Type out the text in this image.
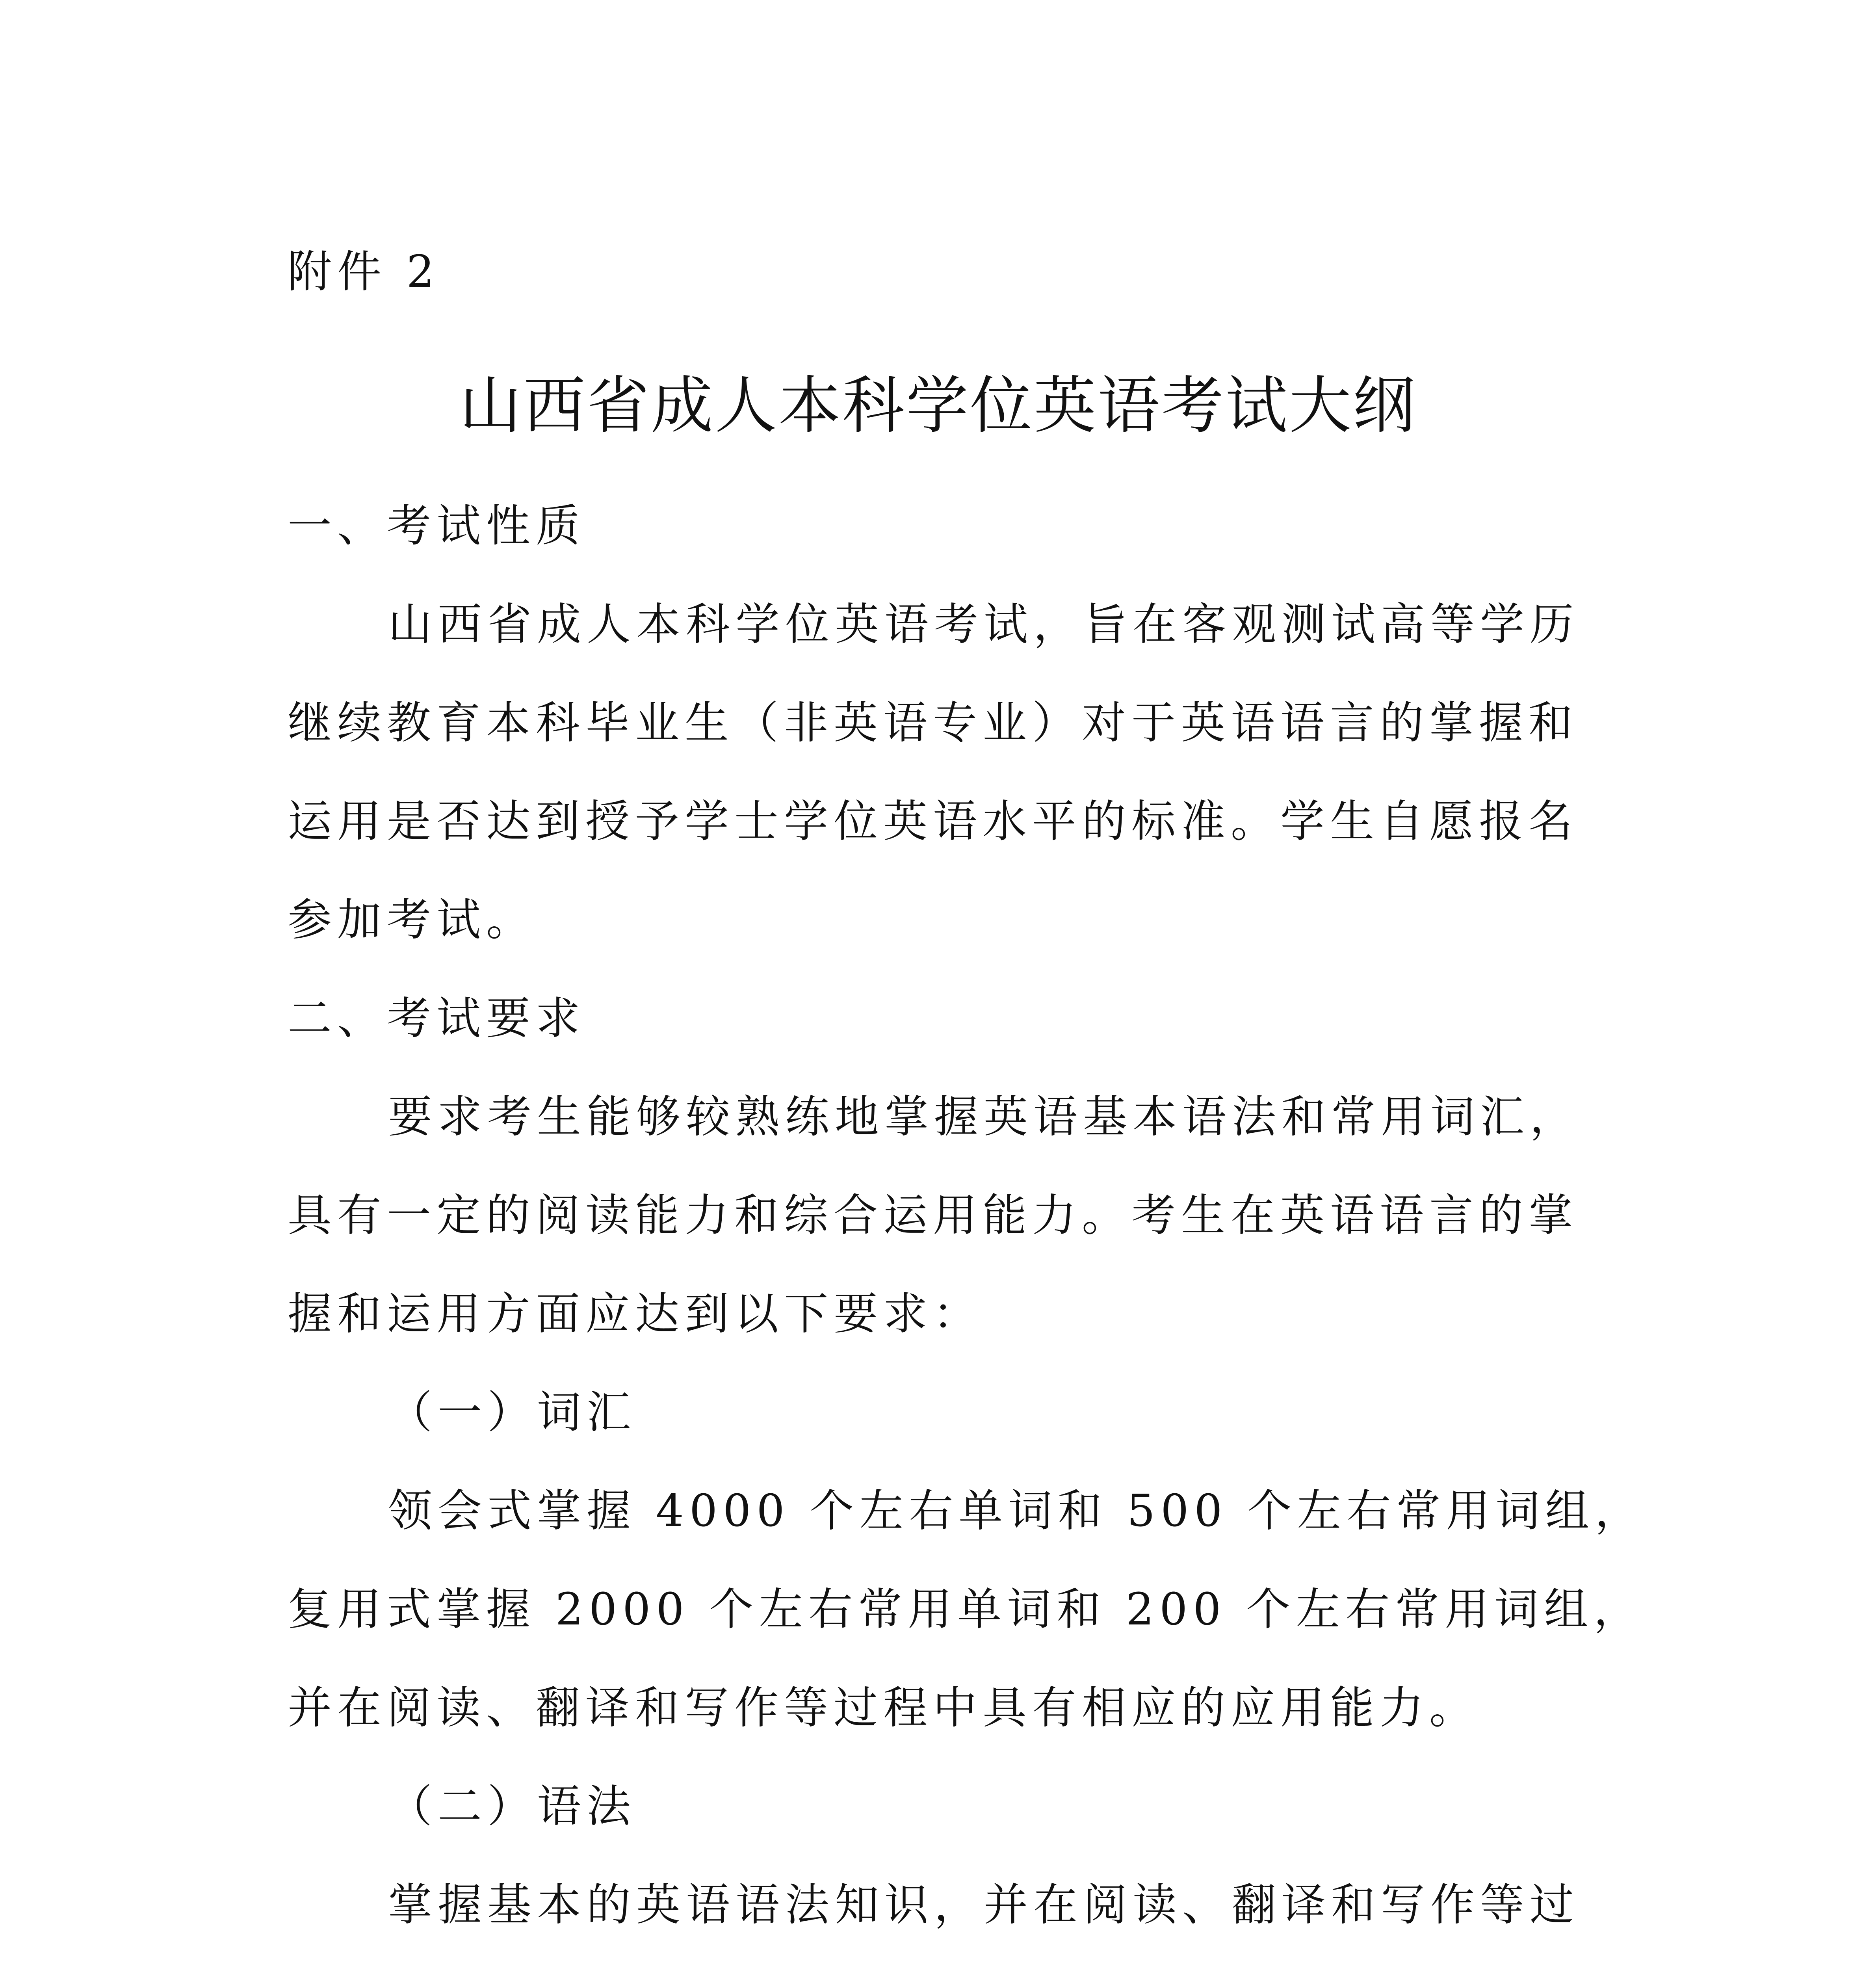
附件 2
山西省成人本科学位英语考试大纲
一、考试性质
山西省成人本科学位英语考试，旨在客观测试高等学历
继续教育本科毕业生（非英语专业）对于英语语言的掌握和
运用是否达到授予学士学位英语水平的标准。学生自愿报名
参加考试。
二、考试要求
要求考生能够较熟练地掌握英语基本语法和常用词汇，
具有一定的阅读能力和综合运用能力。考生在英语语言的掌
握和运用方面应达到以下要求：
（一）词汇
领会式掌握 4000 个左右单词和 500 个左右常用词组，
复用式掌握 2000 个左右常用单词和 200 个左右常用词组，
并在阅读、翻译和写作等过程中具有相应的应用能力。
（二）语法
掌握基本的英语语法知识，并在阅读、翻译和写作等过
